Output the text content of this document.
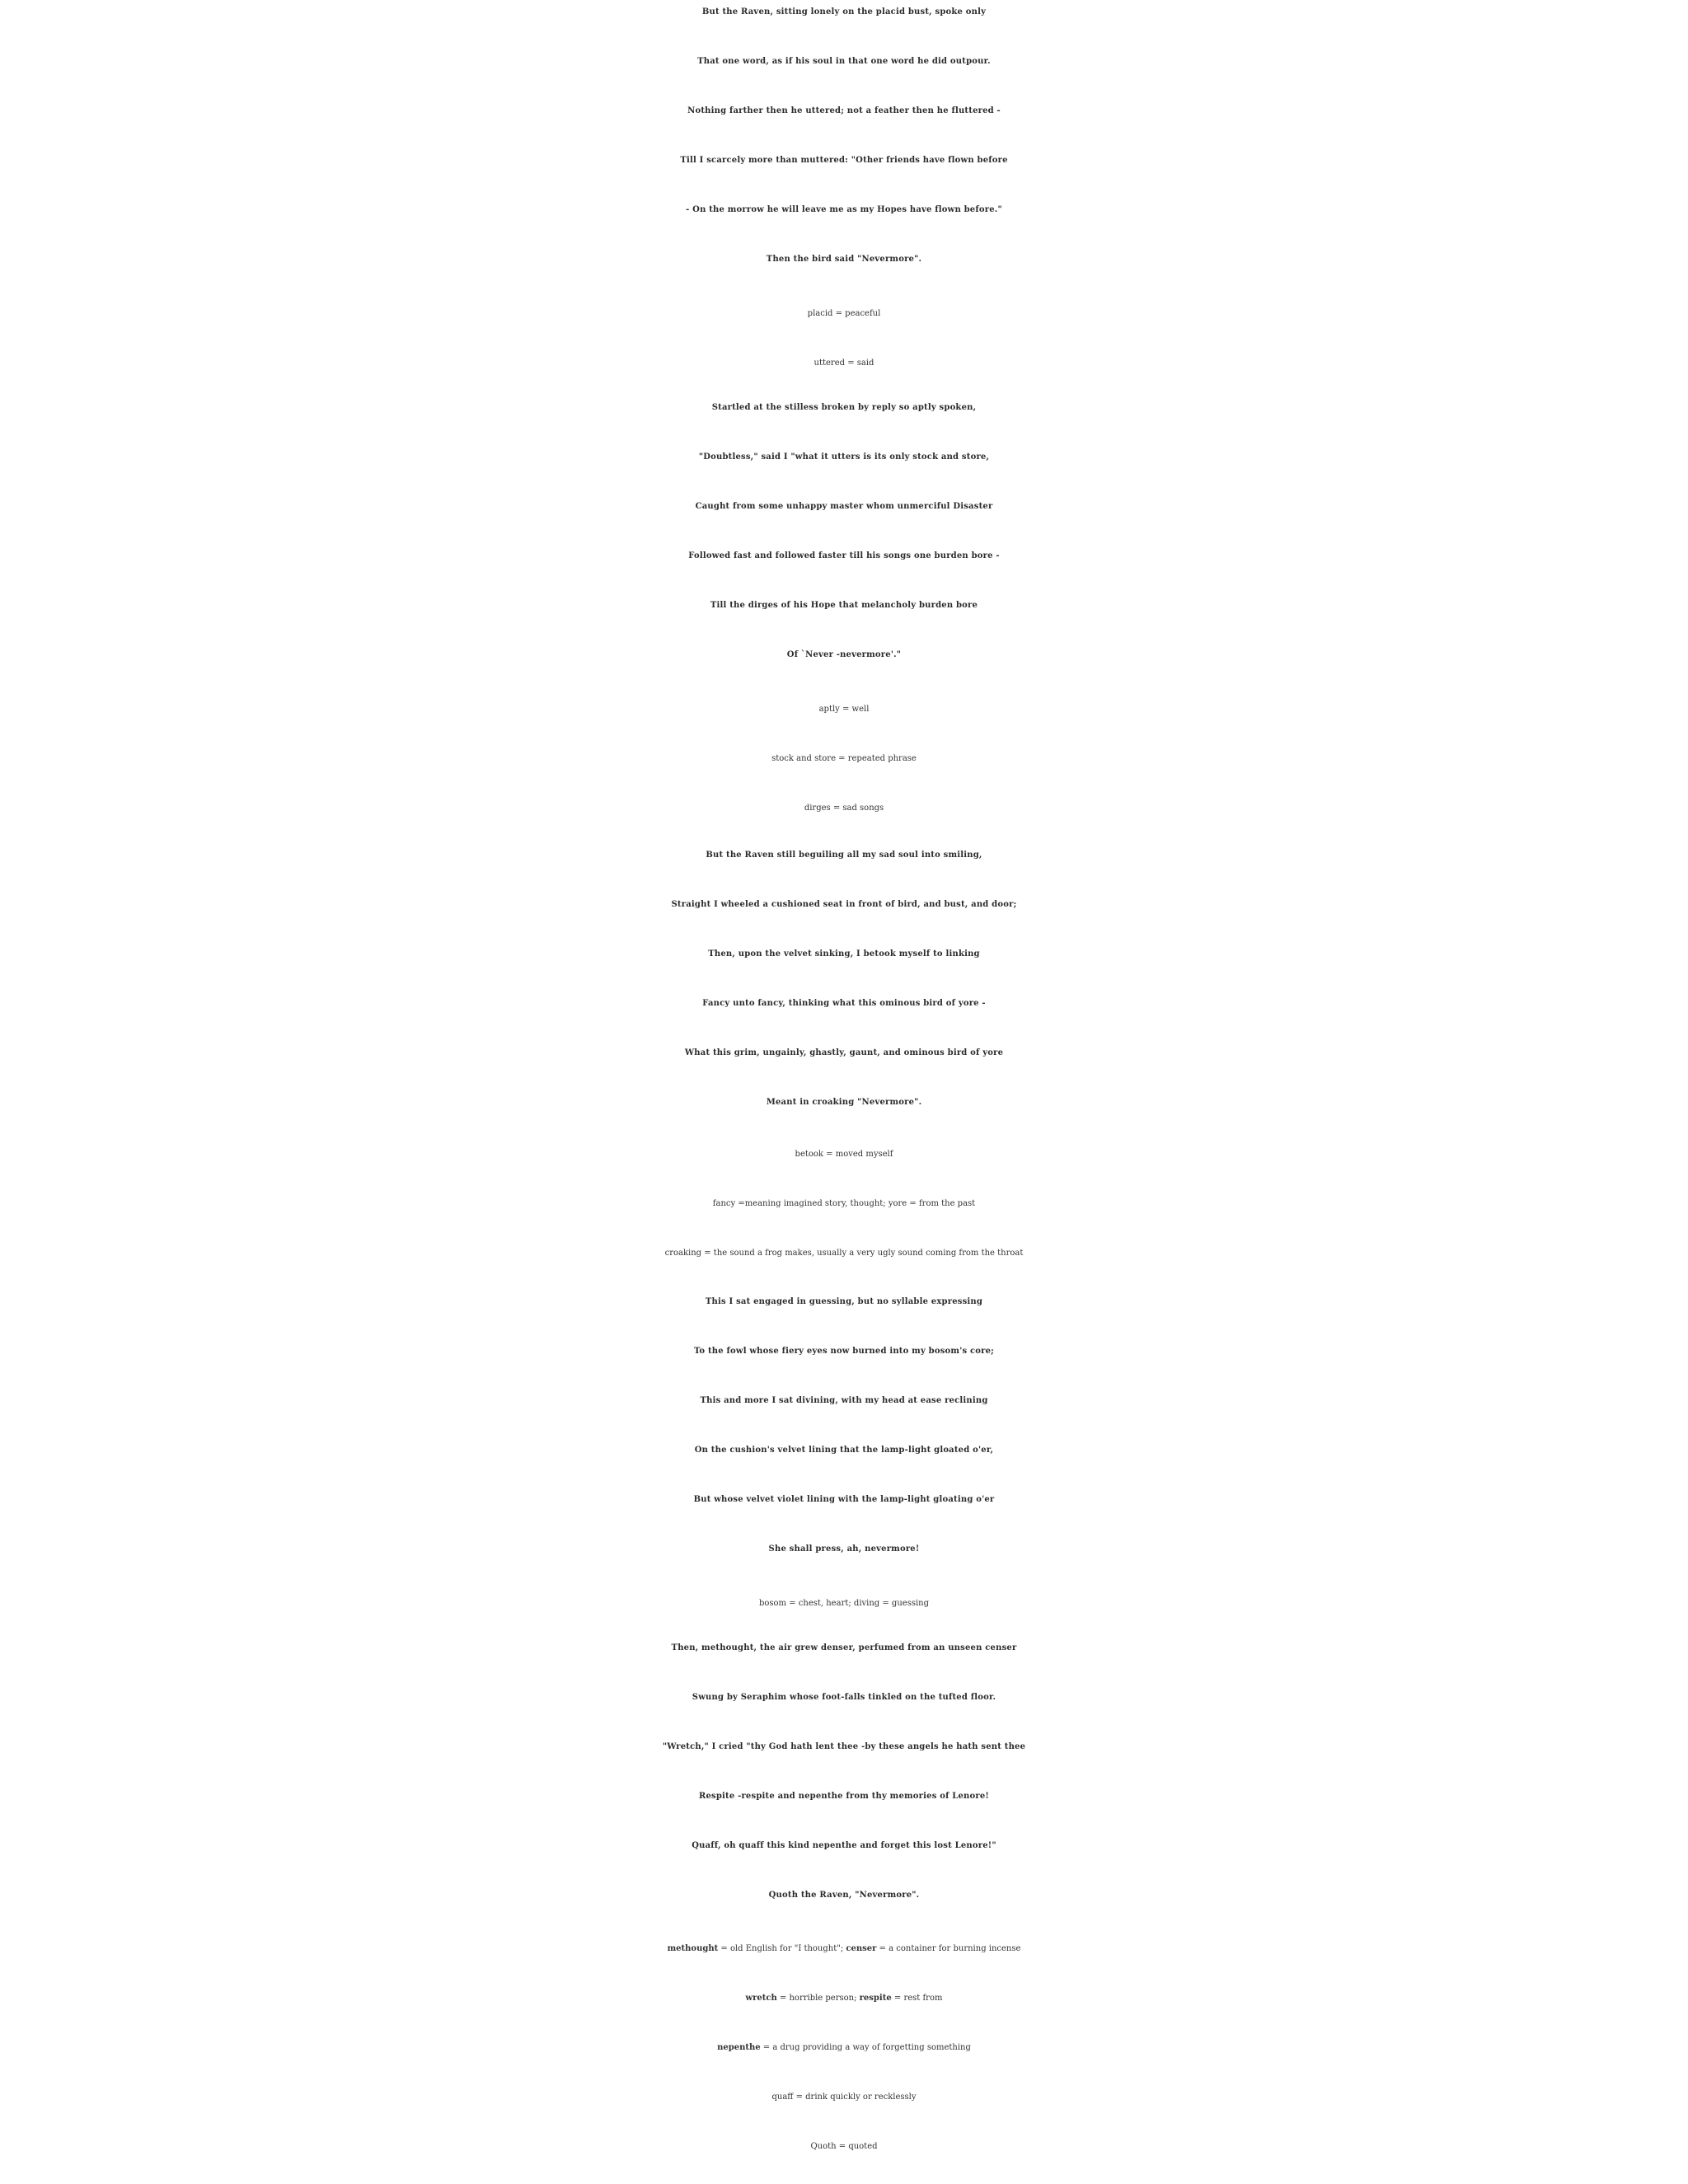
But the Raven, sitting lonely on the placid bust, spoke only
That one word, as if his soul in that one word he did outpour.
Nothing farther then he uttered; not a feather then he fluttered -
Till I scarcely more than muttered: "Other friends have flown before
- On the morrow he will leave me as my Hopes have flown before."
Then the bird said "Nevermore".
placid = peaceful
uttered = said
Startled at the stilless broken by reply so aptly spoken,
"Doubtless," said I "what it utters is its only stock and store,
Caught from some unhappy master whom unmerciful Disaster
Followed fast and followed faster till his songs one burden bore -
Till the dirges of his Hope that melancholy burden bore
Of `Never -nevermore'."
aptly = well
stock and store = repeated phrase
dirges = sad songs
But the Raven still beguiling all my sad soul into smiling,
Straight I wheeled a cushioned seat in front of bird, and bust, and door;
Then, upon the velvet sinking, I betook myself to linking
Fancy unto fancy, thinking what this ominous bird of yore -
What this grim, ungainly, ghastly, gaunt, and ominous bird of yore
Meant in croaking "Nevermore".
betook = moved myself
fancy =meaning imagined story, thought; yore = from the past
croaking = the sound a frog makes, usually a very ugly sound coming from the throat
This I sat engaged in guessing, but no syllable expressing
To the fowl whose fiery eyes now burned into my bosom's core;
This and more I sat divining, with my head at ease reclining
On the cushion's velvet lining that the lamp-light gloated o'er,
But whose velvet violet lining with the lamp-light gloating o'er
She shall press, ah, nevermore!
bosom = chest, heart; diving = guessing
Then, methought, the air grew denser, perfumed from an unseen censer
Swung by Seraphim whose foot-falls tinkled on the tufted floor.
"Wretch," I cried "thy God hath lent thee -by these angels he hath sent thee
Respite -respite and nepenthe from thy memories of Lenore!
Quaff, oh quaff this kind nepenthe and forget this lost Lenore!"
Quoth the Raven, "Nevermore".
methought = old English for "I thought"; censer = a container for burning incense
wretch = horrible person; respite = rest from
nepenthe = a drug providing a way of forgetting something
quaff = drink quickly or recklessly
Quoth = quoted
